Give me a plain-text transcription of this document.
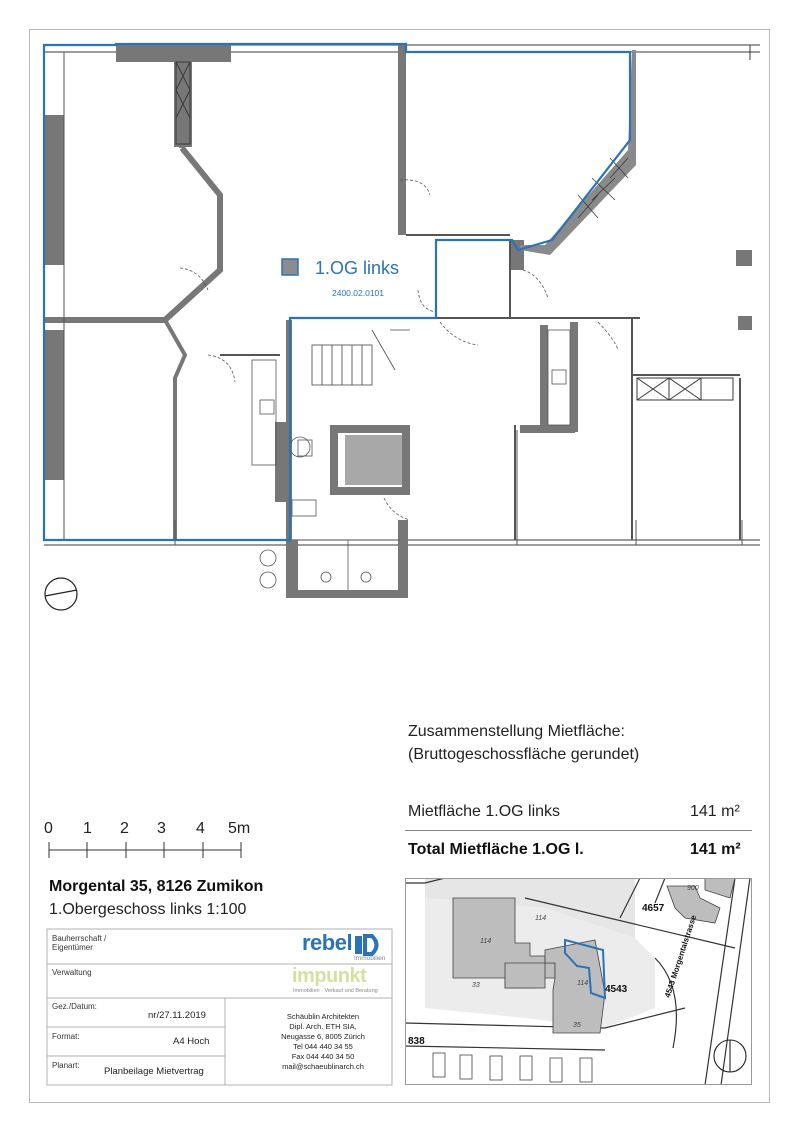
1.OG links
2400.02.0101
Zusammenstellung Mietfläche:
(Bruttogeschossfläche gerundet)
Mietfläche 1.OG links	141 m²
Total Mietfläche 1.OG l.	141 m²
0 1 2 3 4 5m
Morgental 35, 8126 Zumikon
1.Obergeschoss links 1:100
Bauherrschaft /
Eigentümer	rebel
Immobilien
Verwaltung	impunkt
Immobilien · Verkauf und Beratung
Gez./Datum:
nr/27.11.2019
Format:	A4 Hoch
Planart:
Planbeilage Mietvertrag
Schäublin Architekten
Dipl. Arch. ETH SIA,
Neugasse 6, 8005 Zürich
Tel 044 440 34 55
Fax 044 440 34 50
mail@schaeublinarch.ch
900
4657
114
114
114
33
35
4543
838
4543 Morgentalstrasse
